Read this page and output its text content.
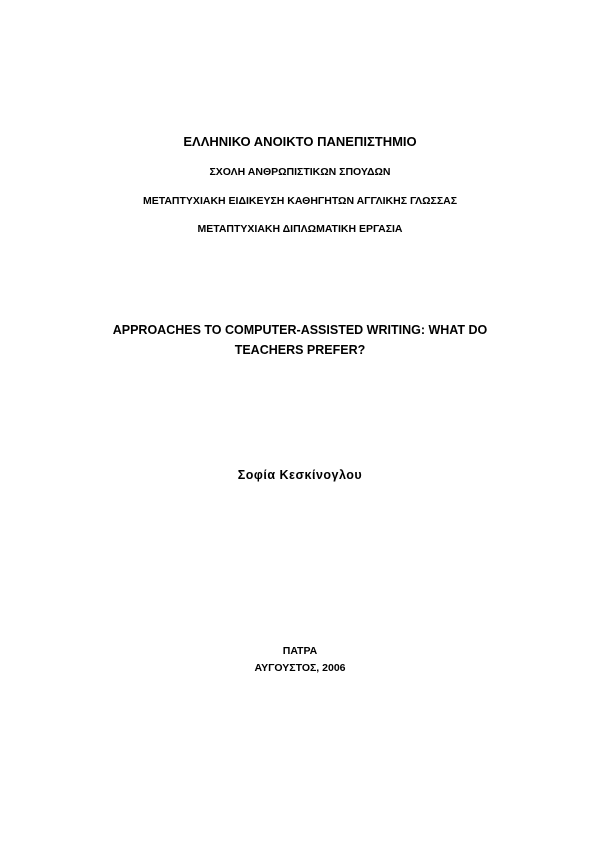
ΕΛΛΗΝΙΚΟ ΑΝΟΙΚΤΟ ΠΑΝΕΠΙΣΤΗΜΙΟ
ΣΧΟΛΗ ΑΝΘΡΩΠΙΣΤΙΚΩΝ ΣΠΟΥΔΩΝ
ΜΕΤΑΠΤΥΧΙΑΚΗ ΕΙΔΙΚΕΥΣΗ ΚΑΘΗΓΗΤΩΝ ΑΓΓΛΙΚΗΣ ΓΛΩΣΣΑΣ
ΜΕΤΑΠΤΥΧΙΑΚΗ ΔΙΠΛΩΜΑΤΙΚΗ ΕΡΓΑΣΙΑ
APPROACHES TO COMPUTER-ASSISTED WRITING: WHAT DO
TEACHERS PREFER?
Σοφία Κεσκίνογλου
ΠΑΤΡΑ
ΑΥΓΟΥΣΤΟΣ, 2006
